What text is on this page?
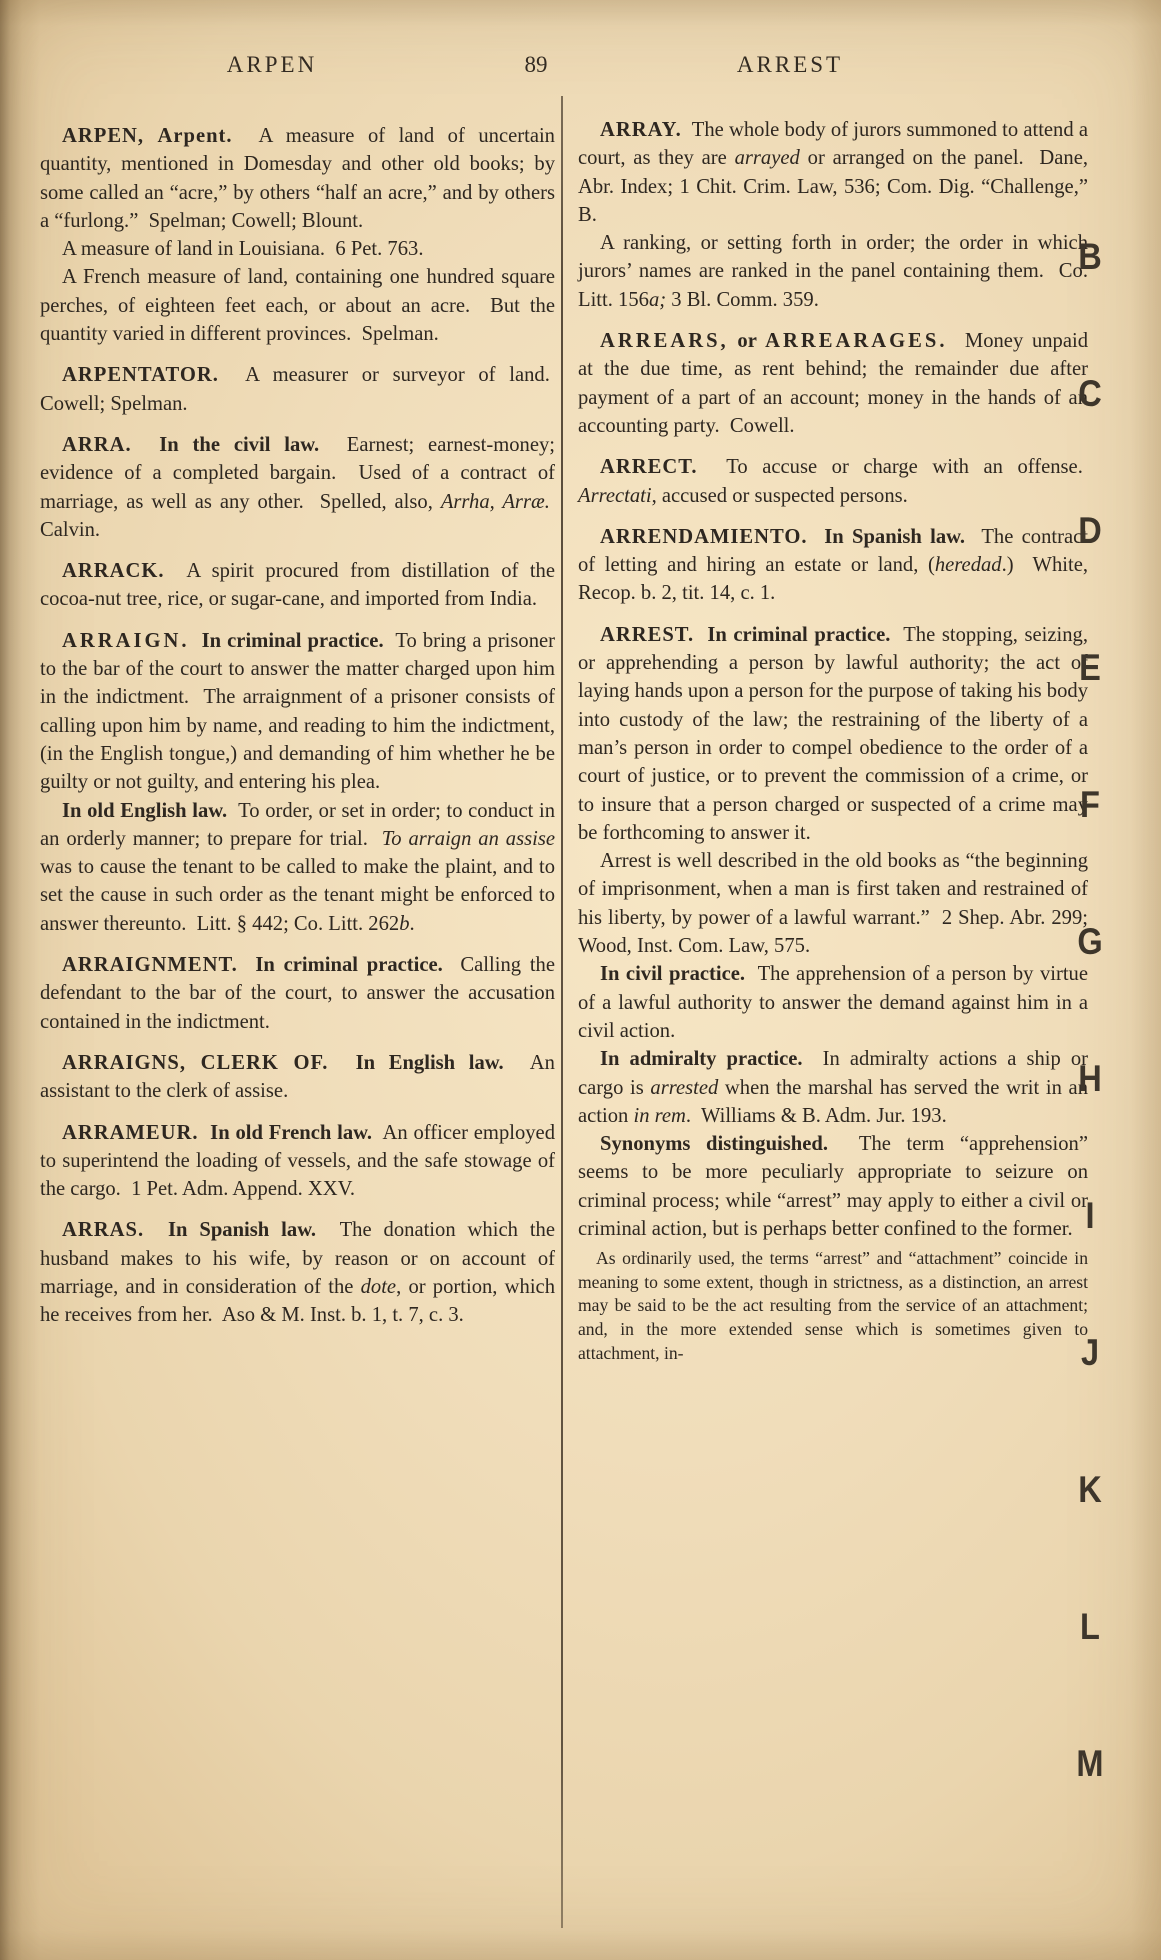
ARPEN	89	ARREST

ARPEN, Arpent.  A measure of land of uncertain quantity, mentioned in Domesday and other old books; by some called an “acre,” by others “half an acre,” and by others a “furlong.”  Spelman; Cowell; Blount.

A measure of land in Louisiana.  6 Pet. 763.

A French measure of land, containing one hundred square perches, of eighteen feet each, or about an acre.  But the quantity varied in different provinces.  Spelman.

ARPENTATOR.  A measurer or surveyor of land.  Cowell; Spelman.

ARRA.  In the civil law.  Earnest; earnest-money; evidence of a completed bargain.  Used of a contract of marriage, as well as any other.  Spelled, also, Arrha, Arræ.  Calvin.

ARRACK.  A spirit procured from distillation of the cocoa-nut tree, rice, or sugar-cane, and imported from India.

ARRAIGN.  In criminal practice.  To bring a prisoner to the bar of the court to answer the matter charged upon him in the indictment.  The arraignment of a prisoner consists of calling upon him by name, and reading to him the indictment, (in the English tongue,) and demanding of him whether he be guilty or not guilty, and entering his plea.

In old English law.  To order, or set in order; to conduct in an orderly manner; to prepare for trial.  To arraign an assise was to cause the tenant to be called to make the plaint, and to set the cause in such order as the tenant might be enforced to answer thereunto.  Litt. § 442; Co. Litt. 262b.

ARRAIGNMENT.  In criminal practice.  Calling the defendant to the bar of the court, to answer the accusation contained in the indictment.

ARRAIGNS, CLERK OF.  In English law.  An assistant to the clerk of assise.

ARRAMEUR.  In old French law.  An officer employed to superintend the loading of vessels, and the safe stowage of the cargo.  1 Pet. Adm. Append. XXV.

ARRAS.  In Spanish law.  The donation which the husband makes to his wife, by reason or on account of marriage, and in consideration of the dote, or portion, which he receives from her.  Aso & M. Inst. b. 1, t. 7, c. 3.

ARRAY.  The whole body of jurors summoned to attend a court, as they are arrayed or arranged on the panel.  Dane, Abr. Index; 1 Chit. Crim. Law, 536; Com. Dig. “Challenge,” B.

A ranking, or setting forth in order; the order in which jurors’ names are ranked in the panel containing them.  Co. Litt. 156a; 3 Bl. Comm. 359.

ARREARS, or ARREARAGES.  Money unpaid at the due time, as rent behind; the remainder due after payment of a part of an account; money in the hands of an accounting party.  Cowell.

ARRECT.  To accuse or charge with an offense.  Arrectati, accused or suspected persons.

ARRENDAMIENTO.  In Spanish law.  The contract of letting and hiring an estate or land, (heredad.)  White, Recop. b. 2, tit. 14, c. 1.

ARREST.  In criminal practice.  The stopping, seizing, or apprehending a person by lawful authority; the act of laying hands upon a person for the purpose of taking his body into custody of the law; the restraining of the liberty of a man’s person in order to compel obedience to the order of a court of justice, or to prevent the commission of a crime, or to insure that a person charged or suspected of a crime may be forthcoming to answer it.

Arrest is well described in the old books as “the beginning of imprisonment, when a man is first taken and restrained of his liberty, by power of a lawful warrant.”  2 Shep. Abr. 299; Wood, Inst. Com. Law, 575.

In civil practice.  The apprehension of a person by virtue of a lawful authority to answer the demand against him in a civil action.

In admiralty practice.  In admiralty actions a ship or cargo is arrested when the marshal has served the writ in an action in rem.  Williams & B. Adm. Jur. 193.

Synonyms distinguished.  The term “apprehension” seems to be more peculiarly appropriate to seizure on criminal process; while “arrest” may apply to either a civil or criminal action, but is perhaps better confined to the former.

As ordinarily used, the terms “arrest” and “attachment” coincide in meaning to some extent, though in strictness, as a distinction, an arrest may be said to be the act resulting from the service of an attachment; and, in the more extended sense which is sometimes given to attachment, in-

B
C
D
E
F
G
H
I
J
K
L
M
